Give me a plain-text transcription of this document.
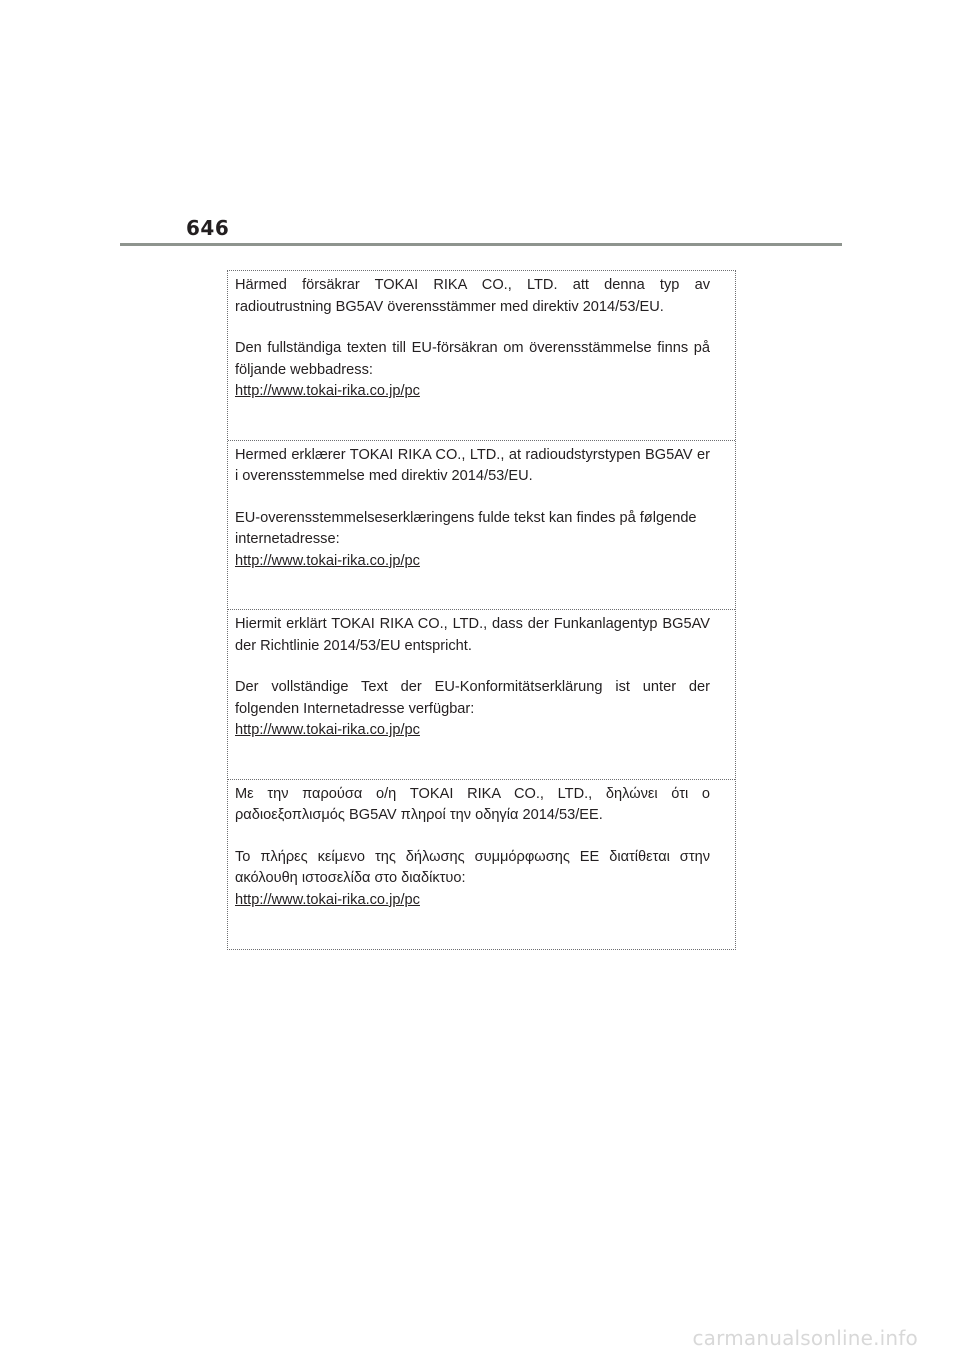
646

Härmed försäkrar TOKAI RIKA CO., LTD. att denna typ av radioutrustning BG5AV överensstämmer med direktiv 2014/53/EU.

Den fullständiga texten till EU-försäkran om överensstämmelse finns på följande webbadress:

http://www.tokai-rika.co.jp/pc

Hermed erklærer TOKAI RIKA CO., LTD., at radioudstyrstypen BG5AV er i overensstemmelse med direktiv 2014/53/EU.

EU-overensstemmelseserklæringens fulde tekst kan findes på følgende internetadresse:

http://www.tokai-rika.co.jp/pc

Hiermit erklärt TOKAI RIKA CO., LTD., dass der Funkanlagentyp BG5AV der Richtlinie 2014/53/EU entspricht.

Der vollständige Text der EU-Konformitätserklärung ist unter der folgenden Internetadresse verfügbar:

http://www.tokai-rika.co.jp/pc

Με την παρούσα ο/η TOKAI RIKA CO., LTD., δηλώνει ότι ο ραδιοεξοπλισμός BG5AV πληροί την οδηγία 2014/53/ΕΕ.

Το πλήρες κείμενο της δήλωσης συμμόρφωσης ΕΕ διατίθεται στην ακόλουθη ιστοσελίδα στο διαδίκτυο:

http://www.tokai-rika.co.jp/pc
carmanualsonline.info
